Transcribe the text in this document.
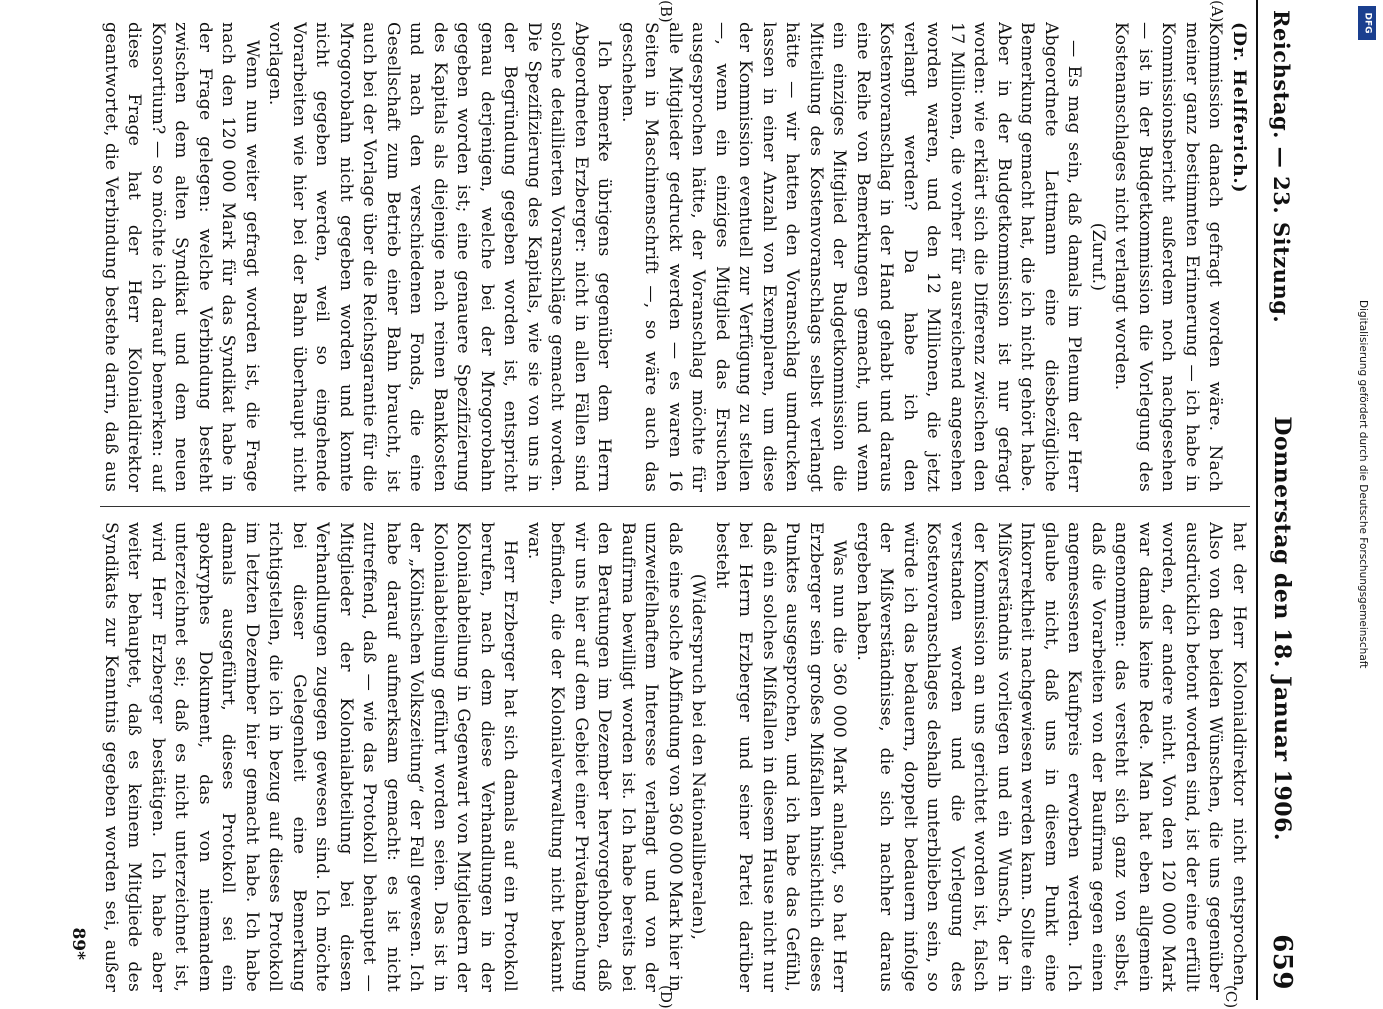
Reichstag. — 23. Sitzung.
Donnerstag den 18. Januar 1906.
659
(A)
(B)
(C)
(D)

(Dr. Helfferich.)

Kommission danach gefragt worden wäre. Nach meiner ganz bestimmten Erinnerung — ich habe in Kommissionsbericht außerdem noch nachgesehen — ist in der Budgetkommission die Vorlegung des Kostenanschlages nicht verlangt worden.

(Zuruf.)

— Es mag sein, daß damals im Plenum der Herr Abgeordnete Lattmann eine diesbezügliche Bemerkung gemacht hat, die ich nicht gehört habe. Aber in der Budgetkommission ist nur gefragt worden: wie erklärt sich die Differenz zwischen den 17 Millionen, die vorher für ausreichend angesehen worden waren, und den 12 Millionen, die jetzt verlangt werden? Da habe ich den Kostenvoranschlag in der Hand gehabt und daraus eine Reihe von Bemerkungen gemacht, und wenn ein einziges Mitglied der Budgetkommission die Mitteilung des Kostenvoranschlags selbst verlangt hätte — wir hatten den Voranschlag umdrucken lassen in einer Anzahl von Exemplaren, um diese der Kommission eventuell zur Verfügung zu stellen —, wenn ein einziges Mitglied das Ersuchen ausgesprochen hätte, der Voranschlag möchte für alle Mitglieder gedruckt werden — es waren 16 Seiten in Maschinenschrift —, so wäre auch das geschehen.

Ich bemerke übrigens gegenüber dem Herrn Abgeordneten Erzberger: nicht in allen Fällen sind solche detaillierten Voranschläge gemacht worden. Die Spezifizierung des Kapitals, wie sie von uns in der Begründung gegeben worden ist, entspricht genau derjenigen, welche bei der Mrogorobahn gegeben worden ist; eine genauere Spezifizierung des Kapitals als diejenige nach reinen Bankkosten und nach den verschiedenen Fonds, die eine Gesellschaft zum Betrieb einer Bahn braucht, ist auch bei der Vorlage über die Reichsgarantie für die Mrogorobahn nicht gegeben worden und konnte nicht gegeben werden, weil so eingehende Vorarbeiten wie hier bei der Bahn überhaupt nicht vorlagen.

Wenn nun weiter gefragt worden ist, die Frage nach den 120 000 Mark für das Syndikat habe in der Frage gelegen: welche Verbindung besteht zwischen dem alten Syndikat und dem neuen Konsortium? — so möchte ich darauf bemerken: auf diese Frage hat der Herr Kolonialdirektor geantwortet, die Verbindung bestehe darin, daß aus

hat der Herr Kolonialdirektor nicht entsprochen. Also von den beiden Wünschen, die uns gegenüber ausdrücklich betont worden sind, ist der eine erfüllt worden, der andere nicht. Von den 120 000 Mark war damals keine Rede. Man hat eben allgemein angenommen: das versteht sich ganz von selbst, daß die Vorarbeiten von der Baufirma gegen einen angemessenen Kaufpreis erworben werden. Ich glaube nicht, daß uns in diesem Punkt eine Inkorrektheit nachgewiesen werden kann. Sollte ein Mißverständnis vorliegen und ein Wunsch, der in der Kommission an uns gerichtet worden ist, falsch verstanden worden und die Vorlegung des Kostenvoranschlages deshalb unterblieben sein, so würde ich das bedauern, doppelt bedauern infolge der Mißverständnisse, die sich nachher daraus ergeben haben.

Was nun die 360 000 Mark anlangt, so hat Herr Erzberger sein großes Mißfallen hinsichtlich dieses Punktes ausgesprochen, und ich habe das Gefühl, daß ein solches Mißfallen in diesem Hause nicht nur bei Herrn Erzberger und seiner Partei darüber besteht

(Widerspruch bei den Nationalliberalen),

daß eine solche Abfindung von 360 000 Mark hier in unzweifelhaftem Interesse verlangt und von der Baufirma bewilligt worden ist. Ich habe bereits bei den Beratungen im Dezember hervorgehoben, daß wir uns hier auf dem Gebiet einer Privatabmachung befinden, die der Kolonialverwaltung nicht bekannt war.

Herr Erzberger hat sich damals auf ein Protokoll berufen, nach dem diese Verhandlungen in der Kolonialabteilung in Gegenwart von Mitgliedern der Kolonialabteilung geführt worden seien. Das ist in der „Kölnischen Volkszeitung“ der Fall gewesen. Ich habe darauf aufmerksam gemacht: es ist nicht zutreffend, daß — wie das Protokoll behauptet — Mitglieder der Kolonialabteilung bei diesen Verhandlungen zugegen gewesen sind. Ich möchte bei dieser Gelegenheit eine Bemerkung richtigstellen, die ich in bezug auf dieses Protokoll im letzten Dezember hier gemacht habe. Ich habe damals ausgeführt, dieses Protokoll sei ein apokryphes Dokument, das von niemandem unterzeichnet sei; daß es nicht unterzeichnet ist, wird Herr Erzberger bestätigen. Ich habe aber weiter behauptet, daß es keinem Mitgliede des Syndikats zur Kenntnis gegeben worden sei, außer

89*
DFG
Digitalisierung gefördert durch die Deutsche Forschungsgemeinschaft
